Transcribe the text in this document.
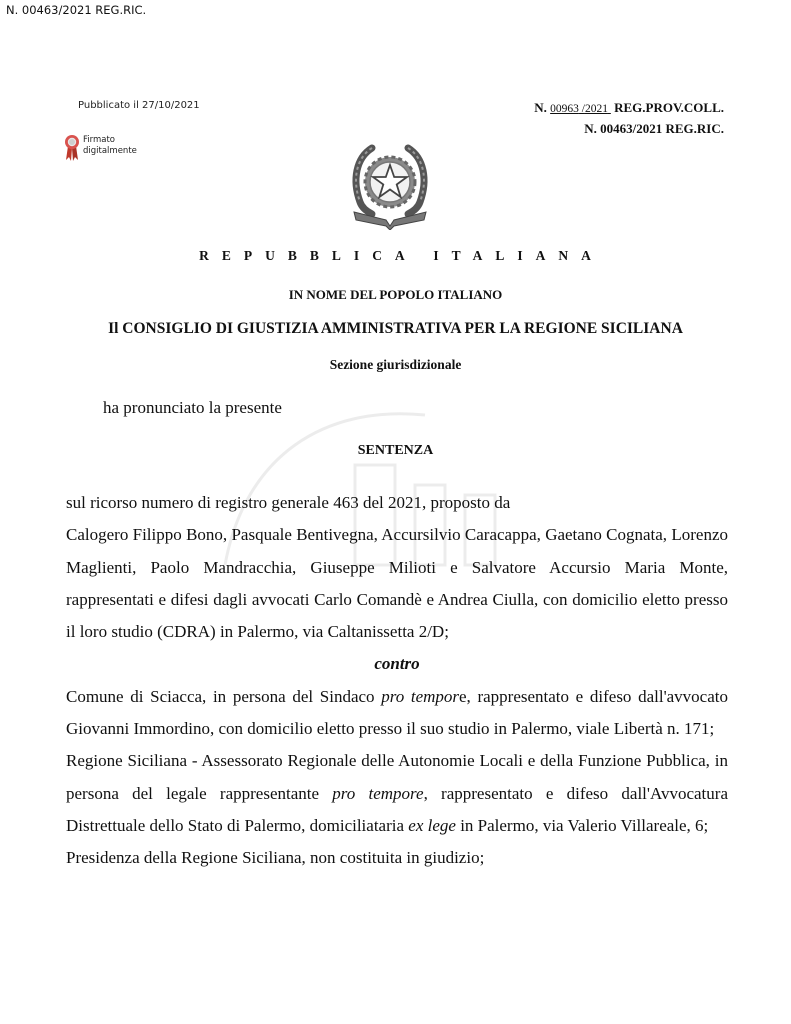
N. 00463/2021 REG.RIC.
Pubblicato il 27/10/2021
Firmato
digitalmente
N. 00963 /2021 REG.PROV.COLL.
N. 00463/2021 REG.RIC.
REPUBBLICA ITALIANA
IN NOME DEL POPOLO ITALIANO
Il CONSIGLIO DI GIUSTIZIA AMMINISTRATIVA PER LA REGIONE SICILIANA
Sezione giurisdizionale
ha pronunciato la presente
SENTENZA

sul ricorso numero di registro generale 463 del 2021, proposto da

Calogero Filippo Bono, Pasquale Bentivegna, Accursilvio Caracappa, Gaetano Cognata, Lorenzo Maglienti, Paolo Mandracchia, Giuseppe Milioti e Salvatore Accursio Maria Monte, rappresentati e difesi dagli avvocati Carlo Comandè e Andrea Ciulla, con domicilio eletto presso il loro studio (CDRA) in Palermo, via Caltanissetta 2/D;

contro

Comune di Sciacca, in persona del Sindaco pro tempore, rappresentato e difeso dall'avvocato Giovanni Immordino, con domicilio eletto presso il suo studio in Palermo, viale Libertà n. 171;

Regione Siciliana - Assessorato Regionale delle Autonomie Locali e della Funzione Pubblica, in persona del legale rappresentante pro tempore, rappresentato e difeso dall'Avvocatura Distrettuale dello Stato di Palermo, domiciliataria ex lege in Palermo, via Valerio Villareale, 6;

Presidenza della Regione Siciliana, non costituita in giudizio;
